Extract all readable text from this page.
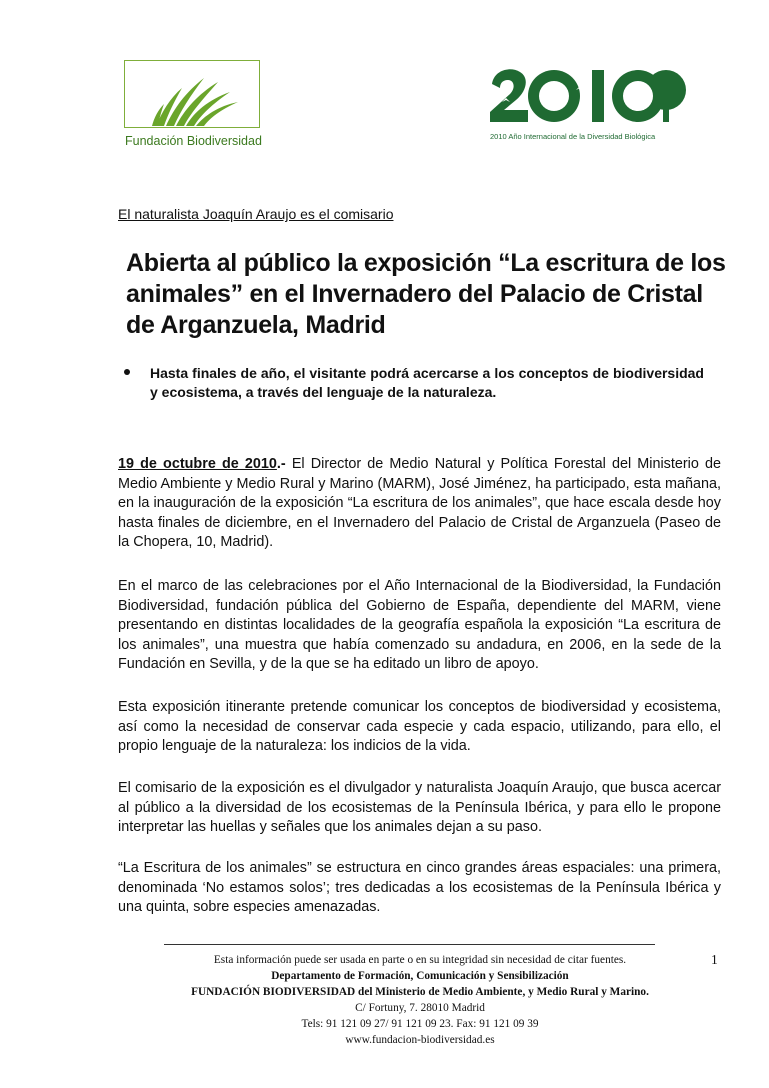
Fundación Biodiversidad	2010 Año Internacional de la Diversidad Biológica
El naturalista Joaquín Araujo es el comisario
Abierta al público la exposición “La escritura de los animales” en el Invernadero del Palacio de Cristal de Arganzuela, Madrid

Hasta finales de año, el visitante podrá acercarse a los conceptos de biodiversidad y ecosistema, a través del lenguaje de la naturaleza.

19 de octubre de 2010.- El Director de Medio Natural y Política Forestal del Ministerio de Medio Ambiente y Medio Rural y Marino (MARM), José Jiménez, ha participado, esta mañana, en la inauguración de la exposición “La escritura de los animales”, que hace escala desde hoy hasta finales de diciembre, en el Invernadero del Palacio de Cristal de Arganzuela (Paseo de la Chopera, 10, Madrid).

En el marco de las celebraciones por el Año Internacional de la Biodiversidad, la Fundación Biodiversidad, fundación pública del Gobierno de España, dependiente del MARM, viene presentando en distintas localidades de la geografía española la exposición “La escritura de los animales”, una muestra que había comenzado su andadura, en 2006, en la sede de la Fundación en Sevilla, y de la que se ha editado un libro de apoyo.

Esta exposición itinerante pretende comunicar los conceptos de biodiversidad y ecosistema, así como la necesidad de conservar cada especie y cada espacio, utilizando, para ello, el propio lenguaje de la naturaleza: los indicios de la vida.

El comisario de la exposición es el divulgador y naturalista Joaquín Araujo, que busca acercar al público a la diversidad de los ecosistemas de la Península Ibérica, y para ello le propone interpretar las huellas y señales que los animales dejan a su paso.

“La Escritura de los animales” se estructura en cinco grandes áreas espaciales: una primera, denominada ‘No estamos solos’; tres dedicadas a los ecosistemas de la Península Ibérica y una quinta, sobre especies amenazadas.

Esta información puede ser usada en parte o en su integridad sin necesidad de citar fuentes.
Departamento de Formación, Comunicación y Sensibilización
FUNDACIÓN BIODIVERSIDAD del Ministerio de Medio Ambiente, y Medio Rural y Marino.
C/ Fortuny, 7. 28010 Madrid
Tels: 91 121 09 27/ 91 121 09 23. Fax: 91 121 09 39
www.fundacion-biodiversidad.es
1
